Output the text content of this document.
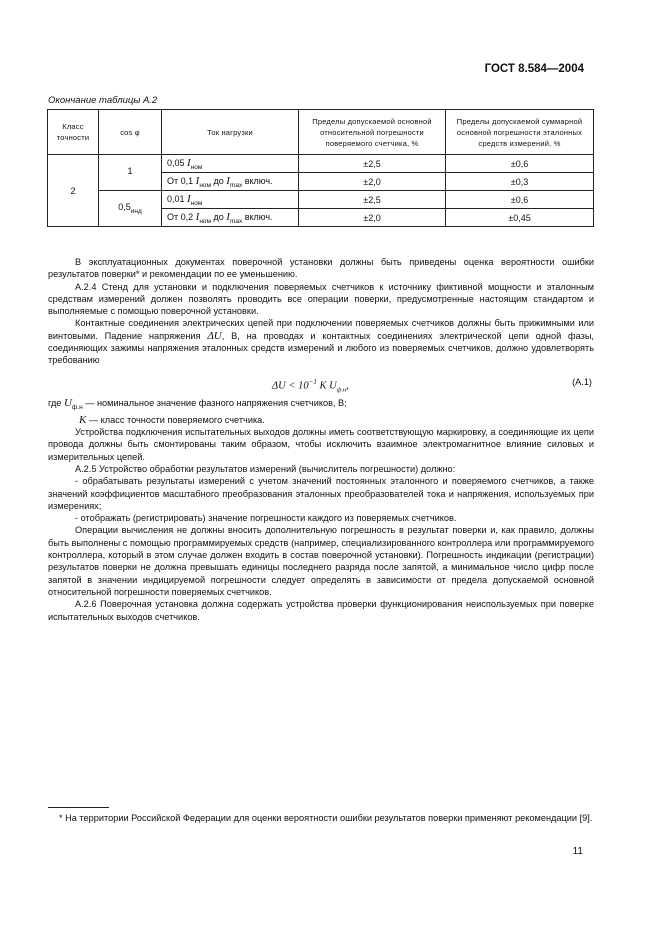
ГОСТ 8.584—2004
Окончание таблицы А.2
Класс точности	cos φ	Ток нагрузки	Пределы допускаемой основной относительной погрешности поверяемого счетчика, %	Пределы допускаемой суммарной основной погрешности эталонных средств измерений, %
2	1	0,05 $I_{ном}$	±2,5	±0,6
		От 0,1 $I_{ном}$ до $I_{max}$ включ.	±2,0	±0,3
	$0,5_{инд}$	0,01 $I_{ном}$	±2,5	±0,6
		От 0,2 $I_{ном}$ до $I_{max}$ включ.	±2,0	±0,45

В эксплуатационных документах поверочной установки должны быть приведены оценка вероятности ошибки результатов поверки* и рекомендации по ее уменьшению.

А.2.4 Стенд для установки и подключения поверяемых счетчиков к источнику фиктивной мощности и эталонным средствам измерений должен позволять проводить все операции поверки, предусмотренные настоящим стандартом и выполняемые с помощью поверочной установки.

Контактные соединения электрических цепей при подключении поверяемых счетчиков должны быть прижимными или винтовыми. Падение напряжения ΔU, В, на проводах и контактных соединениях электрической цепи одной фазы, соединяющих зажимы напряжения эталонных средств измерений и любого из поверяемых счетчиков, должно удовлетворять требованию

$\Delta U < 10^{-1}$ K $U_{ф.н}$,	(А.1)

где $U_{ф.н}$ — номинальное значение фазного напряжения счетчиков, В;

K — класс точности поверяемого счетчика.

Устройства подключения испытательных выходов должны иметь соответствующую маркировку, а соединяющие их цепи провода должны быть смонтированы таким образом, чтобы исключить взаимное электромагнитное влияние силовых и измерительных цепей.

А.2.5 Устройство обработки результатов измерений (вычислитель погрешности) должно:

- обрабатывать результаты измерений с учетом значений постоянных эталонного и поверяемого счетчиков, а также значений коэффициентов масштабного преобразования эталонных преобразователей тока и напряжения, используемых при измерениях;

- отображать (регистрировать) значение погрешности каждого из поверяемых счетчиков.

Операции вычисления не должны вносить дополнительную погрешность в результат поверки и, как правило, должны быть выполнены с помощью программируемых средств (например, специализированного контроллера или программируемого контроллера, который в этом случае должен входить в состав поверочной установки). Погрешность индикации (регистрации) результатов поверки не должна превышать единицы последнего разряда после запятой, а минимальное число цифр после запятой в значении индицируемой погрешности следует определять в зависимости от предела допускаемой основной относительной погрешности поверяемых счетчиков.

А.2.6 Поверочная установка должна содержать устройства проверки функционирования неиспользуемых при поверке испытательных выходов счетчиков.

* На территории Российской Федерации для оценки вероятности ошибки результатов поверки применяют рекомендации [9].
11
